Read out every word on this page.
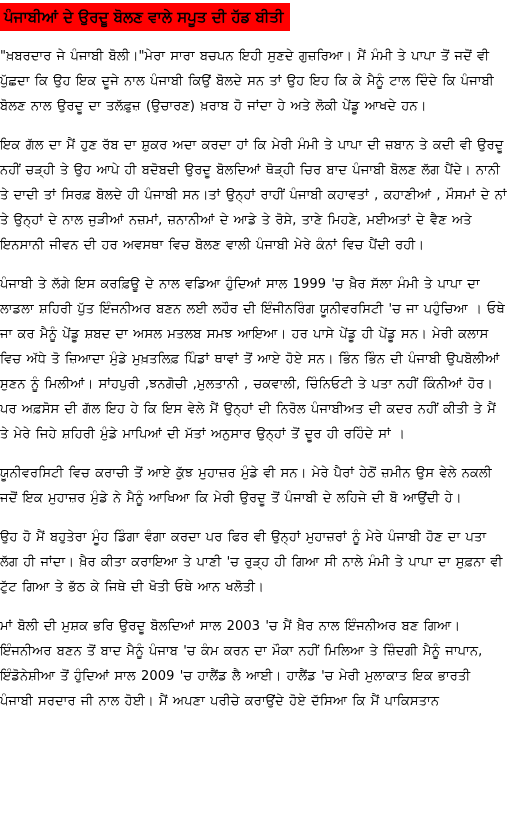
ਪੰਜਾਬੀਆਂ ਦੇ ਉਰਦੂ ਬੋਲਣ ਵਾਲੇ ਸਪੂਤ ਦੀ ਹੱਡ ਬੀਤੀ

"ਖ਼ਬਰਦਾਰ ਜੇ ਪੰਜਾਬੀ ਬੋਲੀ।"ਮੇਰਾ ਸਾਰਾ ਬਚਪਨ ਇਹੀ ਸੁਣਦੇ ਗੁਜ਼ਰਿਆ। ਮੈਂ ਮੰਮੀ ਤੇ ਪਾਪਾ ਤੋਂ ਜਦੋਂ ਵੀ ਪੁੱਛਦਾ ਕਿ ਉਹ ਇਕ ਦੂਜੇ ਨਾਲ ਪੰਜਾਬੀ ਕਿਉਂ ਬੋਲਦੇ ਸਨ ਤਾਂ ਉਹ ਇਹ ਕਿ ਕੇ ਮੈਨੂੰ ਟਾਲ ਦਿੰਦੇ ਕਿ ਪੰਜਾਬੀ ਬੋਲਣ ਨਾਲ ਉਰਦੂ ਦਾ ਤਲੱਫ਼ੁਜ਼ (ਉਚਾਰਣ) ਖ਼ਰਾਬ ਹੋ ਜਾਂਦਾ ਹੇ ਅਤੇ ਲੋਕੀ ਪੇਂਡੂ ਆਖਦੇ ਹਨ।

ਇਕ ਗੱਲ ਦਾ ਮੈਂ ਹੁਣ ਰੱਬ ਦਾ ਸ਼ੁਕਰ ਅਦਾ ਕਰਦਾ ਹਾਂ ਕਿ ਮੇਰੀ ਮੰਮੀ ਤੇ ਪਾਪਾ ਦੀ ਜ਼ਬਾਨ ਤੇ ਕਦੀ ਵੀ ਉਰਦੂ ਨਹੀਂ ਚੜ੍ਹੀ ਤੇ ਉਹ ਆਪੇ ਹੀ ਬਦੋਬਦੀ ਉਰਦੂ ਬੋਲਦਿਆਂ ਥੋੜ੍ਹੀ ਚਿਰ ਬਾਦ ਪੰਜਾਬੀ ਬੋਲਣ ਲੱਗ ਪੈਂਦੇ। ਨਾਨੀ ਤੇ ਦਾਦੀ ਤਾਂ ਸਿਰਫ਼ ਬੋਲਦੇ ਹੀ ਪੰਜਾਬੀ ਸਨ।ਤਾਂ ਉਨ੍ਹਾਂ ਰਾਹੀਂ ਪੰਜਾਬੀ ਕਹਾਵਤਾਂ , ਕਹਾਣੀਆਂ , ਮੌਸਮਾਂ ਦੇ ਨਾਂ ਤੇ ਉਨ੍ਹਾਂ ਦੇ ਨਾਲ ਜੁੜੀਆਂ ਨਜ਼ਮਾਂ, ਜ਼ਨਾਨੀਆਂ ਦੇ ਆਡੇ ਤੇ ਰੋਸੇ, ਤਾਣੇ ਮਿਹਣੇ, ਮਈਅਤਾਂ ਦੇ ਵੈਣ ਅਤੇ ਇਨਸਾਨੀ ਜੀਵਨ ਦੀ ਹਰ ਅਵਸਥਾ ਵਿਚ ਬੋਲਣ ਵਾਲੀ ਪੰਜਾਬੀ ਮੇਰੇ ਕੰਨਾਂ ਵਿਚ ਪੈਂਦੀ ਰਹੀ।

ਪੰਜਾਬੀ ਤੇ ਲੱਗੇ ਇਸ ਕਰਫ਼ਿਊ ਦੇ ਨਾਲ ਵਡਿਆ ਹੁੰਦਿਆਂ ਸਾਲ 1999 'ਚ ਖ਼ੈਰ ਸੱਲਾ ਮੰਮੀ ਤੇ ਪਾਪਾ ਦਾ ਲਾਡਲਾ ਸ਼ਹਿਰੀ ਪੁੱਤ ਇੰਜਨੀਅਰ ਬਣਨ ਲਈ ਲਹੌਰ ਦੀ ਇੰਜੀਨਰਿੰਗ ਯੂਨੀਵਰਸਿਟੀ 'ਚ ਜਾ ਪਹੁੰਚਿਆ । ਓਥੇ ਜਾ ਕਰ ਮੈਨੂੰ ਪੇਂਡੂ ਸ਼ਬਦ ਦਾ ਅਸਲ ਮਤਲਬ ਸਮਝ ਆਇਆ। ਹਰ ਪਾਸੇ ਪੇਂਡੂ ਹੀ ਪੇਂਡੂ ਸਨ। ਮੇਰੀ ਕਲਾਸ ਵਿਚ ਅੱਧੇ ਤੋ ਜ਼ਿਆਦਾ ਮੁੰਡੇ ਮੁਖ਼ਤਲਿਫ਼ ਪਿੰਡਾਂ ਥਾਵਾਂ ਤੋਂ ਆਏ ਹੋਏ ਸਨ। ਭਿੰਨ ਭਿੰਨ ਦੀ ਪੰਜਾਬੀ ਉਪਬੋਲੀਆਂ ਸੁਣਨ ਨੂੰ ਮਿਲੀਆਂ। ਸਾਂਹਪੁਰੀ ,ਝਨਗੋਚੀ ,ਮੁਲਤਾਨੀ , ਚਕਵਾਲੀ, ਚਿੰਨਿਓਟੀ ਤੇ ਪਤਾ ਨਹੀਂ ਕਿੰਨੀਆਂ ਹੋਰ। ਪਰ ਅਫ਼ਸੋਸ ਦੀ ਗੱਲ ਇਹ ਹੇ ਕਿ ਇਸ ਵੇਲੇ ਮੈਂ ਉਨ੍ਹਾਂ ਦੀ ਨਿਰੋਲ ਪੰਜਾਬੀਅਤ ਦੀ ਕਦਰ ਨਹੀਂ ਕੀਤੀ ਤੇ ਮੈਂ ਤੇ ਮੇਰੇ ਜਿਹੇ ਸ਼ਹਿਰੀ ਮੁੰਡੇ ਮਾਪਿਆਂ ਦੀ ਮੱਤਾਂ ਅਨੁਸਾਰ ਉਨ੍ਹਾਂ ਤੋਂ ਦੂਰ ਹੀ ਰਹਿੰਦੇ ਸਾਂ ।

ਯੂਨੀਵਰਸਿਟੀ ਵਿਚ ਕਰਾਚੀ ਤੋਂ ਆਏ ਕੁੱਝ ਮੁਹਾਜ਼ਰ ਮੁੰਡੇ ਵੀ ਸਨ। ਮੇਰੇ ਪੈਰਾਂ ਹੇਠੋਂ ਜ਼ਮੀਨ ਉਸ ਵੇਲੇ ਨਕਲੀ ਜਦੋਂ ਇਕ ਮੁਹਾਜ਼ਰ ਮੁੰਡੇ ਨੇ ਮੈਨੂੰ ਆਖਿਆ ਕਿ ਮੇਰੀ ਉਰਦੂ ਤੋਂ ਪੰਜਾਬੀ ਦੇ ਲਹਿਜੇ ਦੀ ਬੋ ਆਉਂਦੀ ਹੇ।

ਉਹ ਹੋ ਮੈਂ ਬਹੁਤੇਰਾ ਮੂੰਹ ਡਿੰਗਾ ਵੰਗਾ ਕਰਦਾ ਪਰ ਫਿਰ ਵੀ ਉਨ੍ਹਾਂ ਮੁਹਾਜ਼ਰਾਂ ਨੂੰ ਮੇਰੇ ਪੰਜਾਬੀ ਹੋਣ ਦਾ ਪਤਾ ਲੱਗ ਹੀ ਜਾਂਦਾ। ਖ਼ੈਰ ਕੀਤਾ ਕਰਾਇਆ ਤੇ ਪਾਣੀ 'ਚ ਰੁੜ੍ਹ ਹੀ ਗਿਆ ਸੀ ਨਾਲੇ ਮੰਮੀ ਤੇ ਪਾਪਾ ਦਾ ਸੁਫ਼ਨਾ ਵੀ ਟੁੱਟ ਗਿਆ ਤੇ ਭੱਠ ਕੇ ਜਿਥੇ ਦੀ ਖੋਤੀ ਓਥੇ ਆਨ ਖਲੋਤੀ।

ਮਾਂ ਬੋਲੀ ਦੀ ਮੁਸ਼ਕ ਭਰਿ ਉਰਦੂ ਬੋਲਦਿਆਂ ਸਾਲ 2003 'ਚ ਮੈਂ ਖ਼ੈਰ ਨਾਲ ਇੰਜਨੀਅਰ ਬਣ ਗਿਆ।ਇੰਜਨੀਅਰ ਬਣਨ ਤੋਂ ਬਾਦ ਮੈਨੂੰ ਪੰਜਾਬ 'ਚ ਕੰਮ ਕਰਨ ਦਾ ਮੌਕਾ ਨਹੀਂ ਮਿਲਿਆ ਤੇ ਜ਼ਿੰਦਗੀ ਮੈਨੂੰ ਜਾਪਾਨ, ਇੰਡੋਨੇਸ਼ੀਆ ਤੋਂ ਹੁੰਦਿਆਂ ਸਾਲ 2009 'ਚ ਹਾਲੈਂਡ ਲੈ ਆਈ। ਹਾਲੈਂਡ 'ਚ ਮੇਰੀ ਮੁਲਾਕਾਤ ਇਕ ਭਾਰਤੀ ਪੰਜਾਬੀ ਸਰਦਾਰ ਜੀ ਨਾਲ ਹੋਈ। ਮੈਂ ਅਪਣਾ ਪਰੀਚੇ ਕਰਾਉਂਦੇ ਹੋਏ ਦੱਸਿਆ ਕਿ ਮੈਂ ਪਾਕਿਸਤਾਨ
